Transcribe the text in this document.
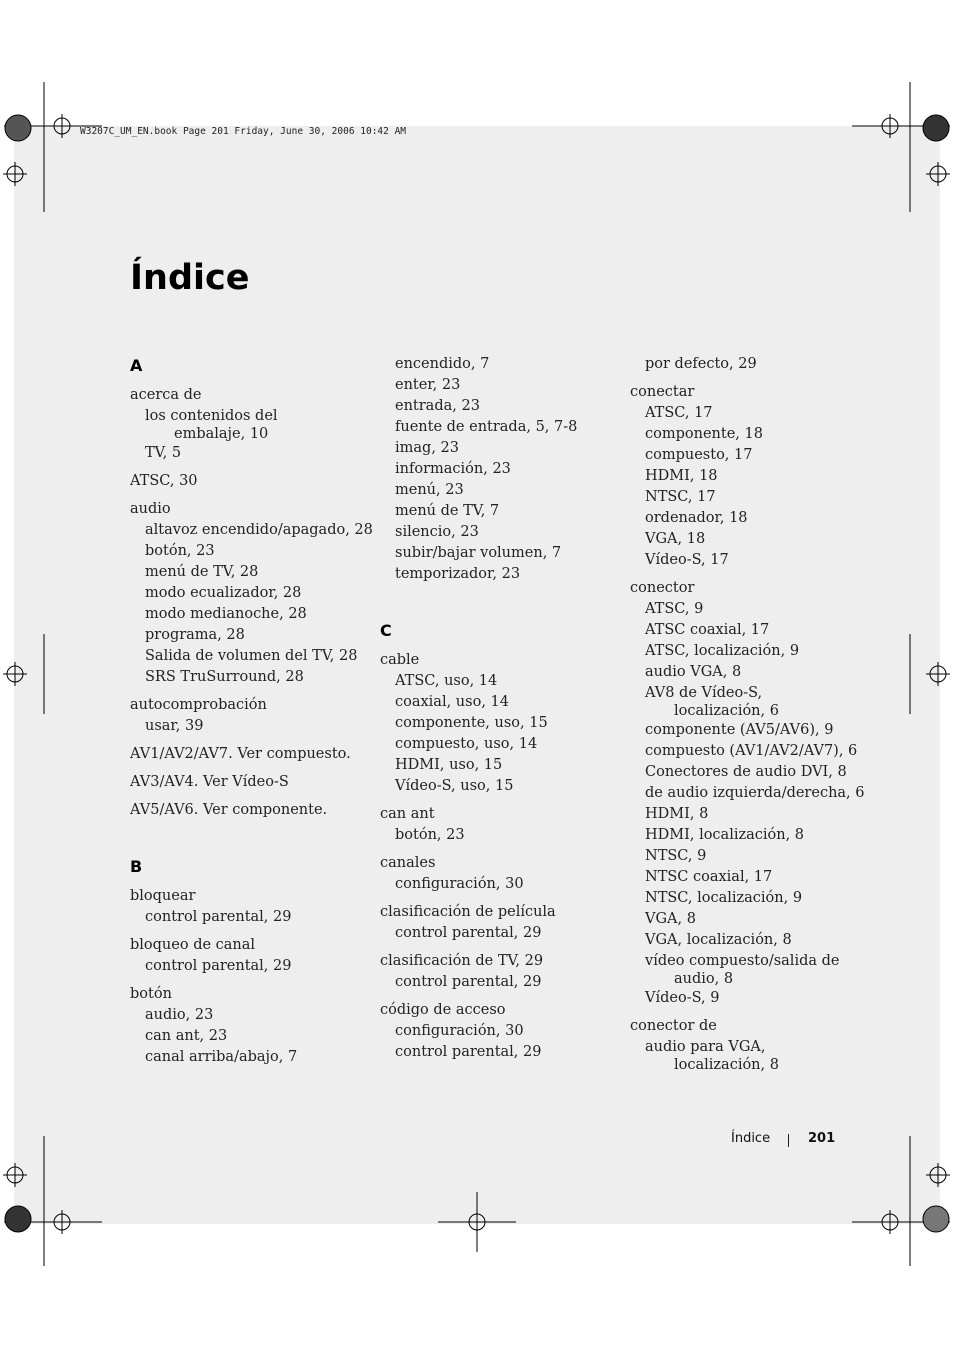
W3207C_UM_EN.book Page 201 Friday, June 30, 2006 10:42 AM
Índice
A
acerca de
los contenidos del
embalaje, 10
TV, 5
ATSC, 30
audio
altavoz encendido/apagado, 28
botón, 23
menú de TV, 28
modo ecualizador, 28
modo medianoche, 28
programa, 28
Salida de volumen del TV, 28
SRS TruSurround, 28
autocomprobación
usar, 39
AV1/AV2/AV7. Ver compuesto.
AV3/AV4. Ver Vídeo-S
AV5/AV6. Ver componente.
B
bloquear
control parental, 29
bloqueo de canal
control parental, 29
botón
audio, 23
can ant, 23
canal arriba/abajo, 7
encendido, 7
enter, 23
entrada, 23
fuente de entrada, 5, 7-8
imag, 23
información, 23
menú, 23
menú de TV, 7
silencio, 23
subir/bajar volumen, 7
temporizador, 23
C
cable
ATSC, uso, 14
coaxial, uso, 14
componente, uso, 15
compuesto, uso, 14
HDMI, uso, 15
Vídeo-S, uso, 15
can ant
botón, 23
canales
configuración, 30
clasificación de película
control parental, 29
clasificación de TV, 29
control parental, 29
código de acceso
configuración, 30
control parental, 29
por defecto, 29
conectar
ATSC, 17
componente, 18
compuesto, 17
HDMI, 18
NTSC, 17
ordenador, 18
VGA, 18
Vídeo-S, 17
conector
ATSC, 9
ATSC coaxial, 17
ATSC, localización, 9
audio VGA, 8
AV8 de Vídeo-S,
localización, 6
componente (AV5/AV6), 9
compuesto (AV1/AV2/AV7), 6
Conectores de audio DVI, 8
de audio izquierda/derecha, 6
HDMI, 8
HDMI, localización, 8
NTSC, 9
NTSC coaxial, 17
NTSC, localización, 9
VGA, 8
VGA, localización, 8
vídeo compuesto/salida de
audio, 8
Vídeo-S, 9
conector de
audio para VGA,
localización, 8
Índice	201
